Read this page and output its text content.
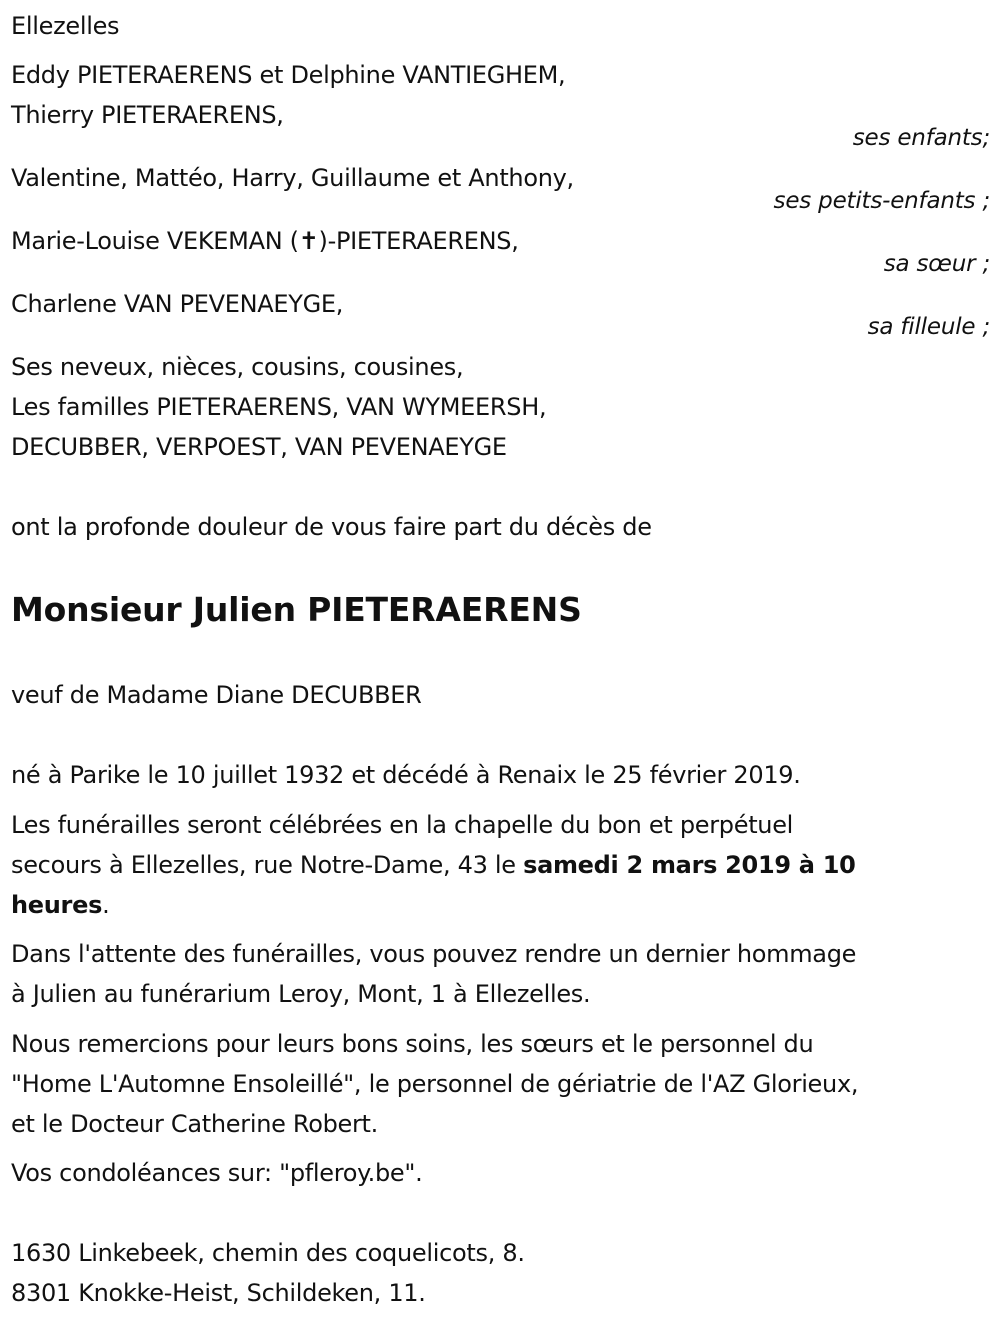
Ellezelles
Eddy PIETERAERENS et Delphine VANTIEGHEM,
Thierry PIETERAERENS,
ses enfants;
Valentine, Mattéo, Harry, Guillaume et Anthony,
ses petits-enfants ;
Marie-Louise VEKEMAN (✝)-PIETERAERENS,
sa sœur ;
Charlene VAN PEVENAEYGE,
sa filleule ;
Ses neveux, nièces, cousins, cousines,
Les familles PIETERAERENS, VAN WYMEERSH,
DECUBBER, VERPOEST, VAN PEVENAEYGE
ont la profonde douleur de vous faire part du décès de
Monsieur Julien PIETERAERENS
veuf de Madame Diane DECUBBER
né à Parike le 10 juillet 1932 et décédé à Renaix le 25 février 2019.
Les funérailles seront célébrées en la chapelle du bon et perpétuel
secours à Ellezelles, rue Notre-Dame, 43 le samedi 2 mars 2019 à 10
heures.
Dans l'attente des funérailles, vous pouvez rendre un dernier hommage
à Julien au funérarium Leroy, Mont, 1 à Ellezelles.
Nous remercions pour leurs bons soins, les sœurs et le personnel du
"Home L'Automne Ensoleillé", le personnel de gériatrie de l'AZ Glorieux,
et le Docteur Catherine Robert.
Vos condoléances sur: "pfleroy.be".
1630 Linkebeek, chemin des coquelicots, 8.
8301 Knokke-Heist, Schildeken, 11.
